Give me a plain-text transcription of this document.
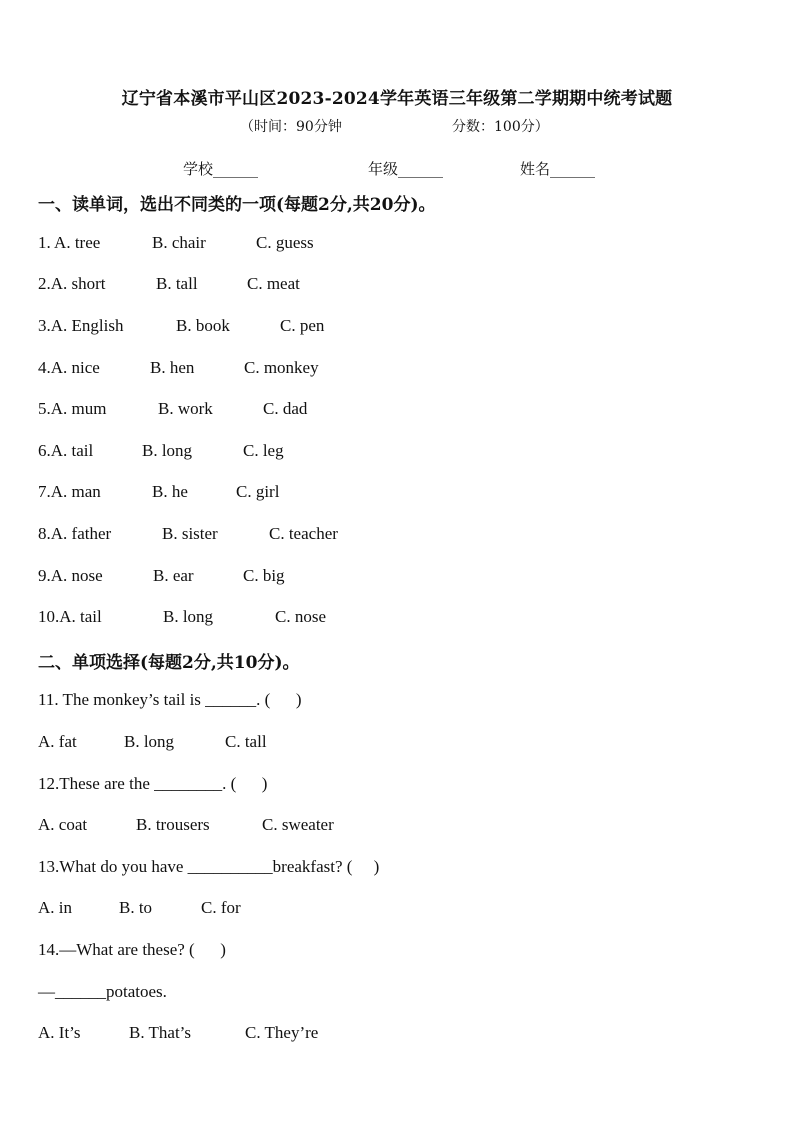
辽宁省本溪市平山区2023-2024学年英语三年级第二学期期中统考试题
（时间：90分钟	分数：100分）
学校______	年级______	姓名______
一、读单词，选出不同类的一项(每题2分,共20分)。

1. A. tree

	B. chair

	C. guess

2.A. short

	B. tall

	C. meat

3.A. English

	B. book

	C. pen

4.A. nice

	B. hen

	C. monkey

5.A. mum

	B. work

	C. dad

6.A. tail

	B. long

	C. leg

7.A. man

	B. he

	C. girl

8.A. father

	B. sister

	C. teacher

9.A. nose

	B. ear

	C. big

10.A. tail

	B. long

	C. nose

二、单项选择(每题2分,共10分)。

11. The monkey’s tail is ______. (      )

A. fat

	B. long

	C. tall

12.These are the ________. (      )

A. coat

	B. trousers

	C. sweater

13.What do you have __________breakfast? (     )

A. in

	B. to

	C. for

14.—What are these? (      )

—______potatoes.

A. It’s

	B. That’s

	C. They’re
